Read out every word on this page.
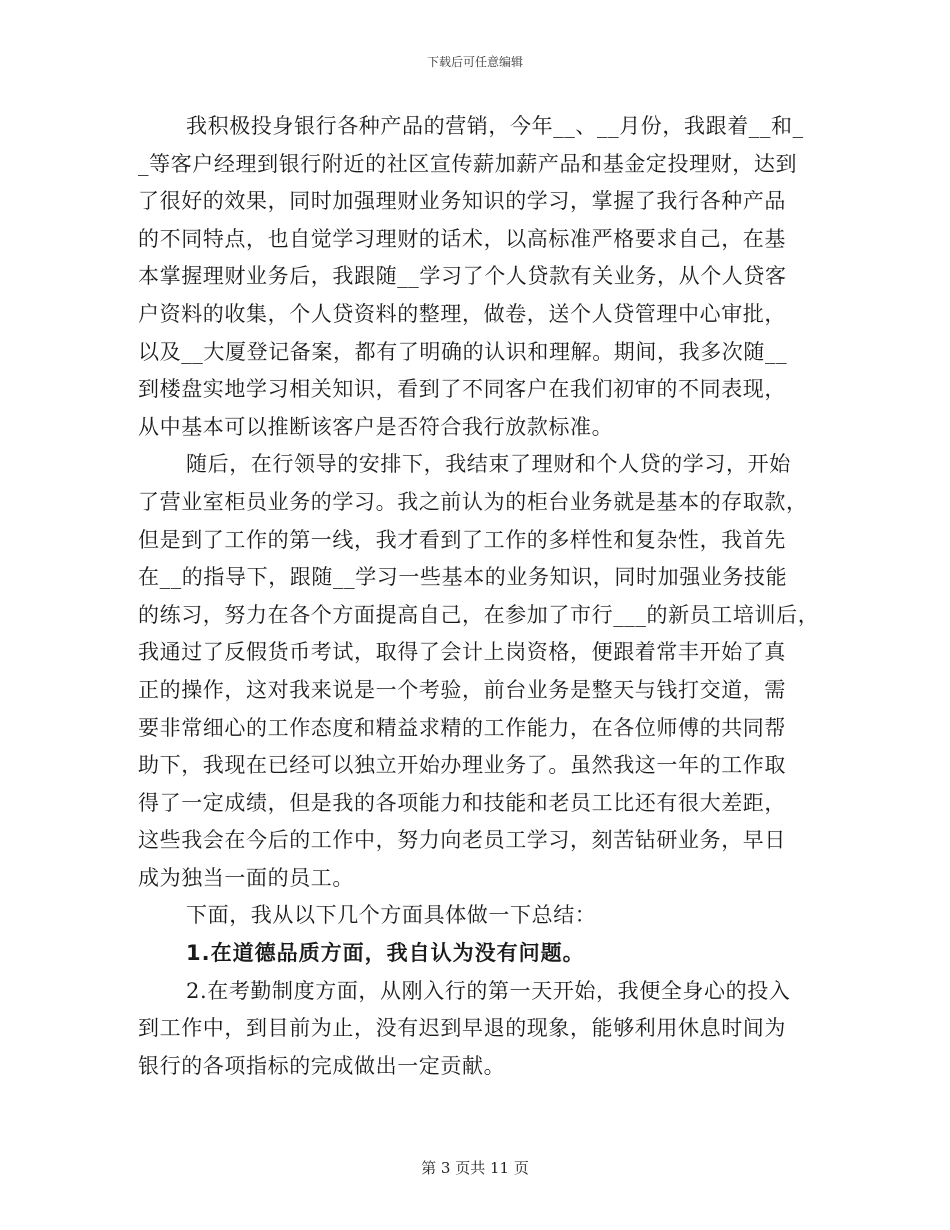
下载后可任意编辑
我积极投身银行各种产品的营销，今年__、__月份，我跟着__和_
_等客户经理到银行附近的社区宣传薪加薪产品和基金定投理财，达到
了很好的效果，同时加强理财业务知识的学习，掌握了我行各种产品
的不同特点，也自觉学习理财的话术，以高标准严格要求自己，在基
本掌握理财业务后，我跟随__学习了个人贷款有关业务，从个人贷客
户资料的收集，个人贷资料的整理，做卷，送个人贷管理中心审批，
以及__大厦登记备案，都有了明确的认识和理解。期间，我多次随__
到楼盘实地学习相关知识，看到了不同客户在我们初审的不同表现，
从中基本可以推断该客户是否符合我行放款标准。
随后，在行领导的安排下，我结束了理财和个人贷的学习，开始
了营业室柜员业务的学习。我之前认为的柜台业务就是基本的存取款，
但是到了工作的第一线，我才看到了工作的多样性和复杂性，我首先
在__的指导下，跟随__学习一些基本的业务知识，同时加强业务技能
的练习，努力在各个方面提高自己，在参加了市行___的新员工培训后，
我通过了反假货币考试，取得了会计上岗资格，便跟着常丰开始了真
正的操作，这对我来说是一个考验，前台业务是整天与钱打交道，需
要非常细心的工作态度和精益求精的工作能力，在各位师傅的共同帮
助下，我现在已经可以独立开始办理业务了。虽然我这一年的工作取
得了一定成绩，但是我的各项能力和技能和老员工比还有很大差距，
这些我会在今后的工作中，努力向老员工学习，刻苦钻研业务，早日
成为独当一面的员工。
下面，我从以下几个方面具体做一下总结：
1.在道德品质方面，我自认为没有问题。
2.在考勤制度方面，从刚入行的第一天开始，我便全身心的投入
到工作中，到目前为止，没有迟到早退的现象，能够利用休息时间为
银行的各项指标的完成做出一定贡献。
第 3 页共 11 页
